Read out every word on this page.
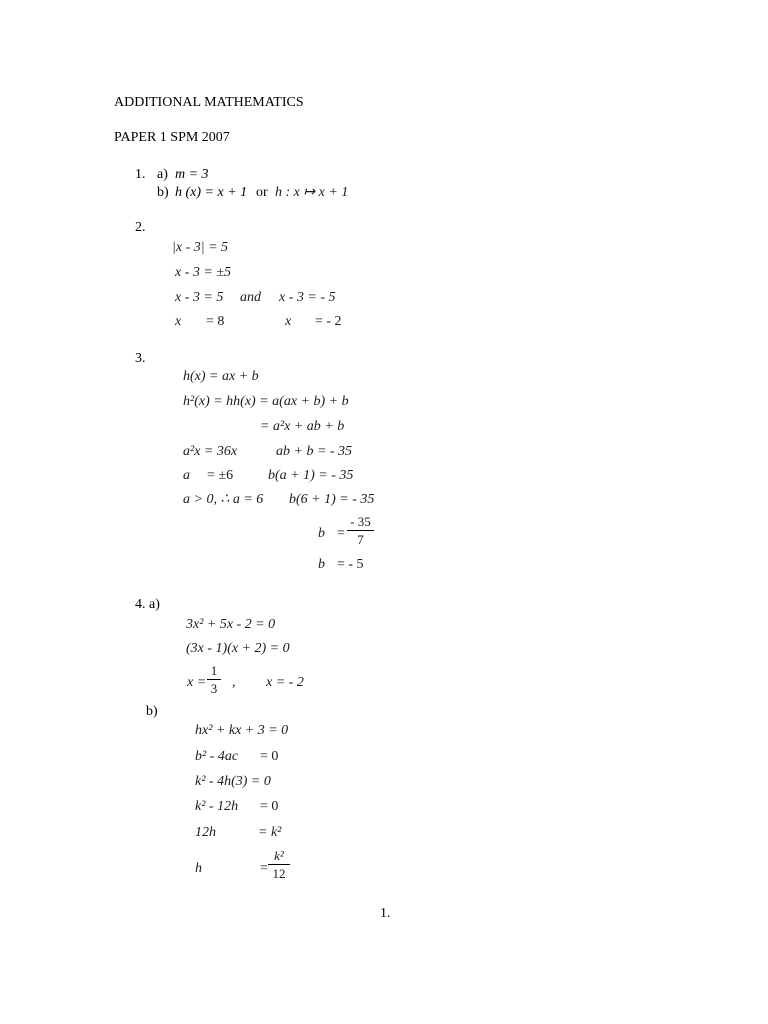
ADDITIONAL MATHEMATICS
PAPER 1 SPM 2007
1. a) m = 3
b) h (x) = x + 1 or h : x ↦ x + 1
2.
|x - 3| = 5
x - 3 = ±5
x - 3 = 5 and x - 3 = - 5
x = 8	x = - 2
3.
h(x) = ax + b
h²(x) = hh(x) = a(ax + b) + b
= a²x + ab + b
a²x = 36x	ab + b = - 35
a = ±6 b(a + 1) = - 35
a > 0, ∴ a = 6 b(6 + 1) = - 35
b =
- 35
7
b = - 5
4. a)
3x² + 5x - 2 = 0
(3x - 1)(x + 2) = 0
x =
1
3 , x = - 2
b)
hx² + kx + 3 = 0
b² - 4ac = 0
k² - 4h(3) = 0
k² - 12h = 0
12h	= k²
h	=
k²
12
1.
